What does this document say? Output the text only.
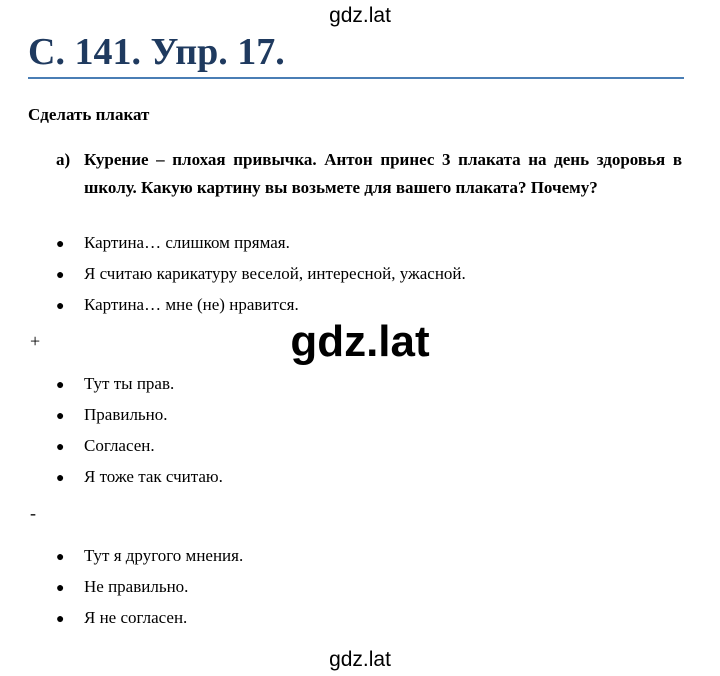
gdz.lat
С. 141. Упр. 17.
Сделать плакат
а) Курение – плохая привычка. Антон принес 3 плаката на день здоровья в школу. Какую картину вы возьмете для вашего плаката? Почему?
●	Картина… слишком прямая.
●	Я считаю карикатуру веселой, интересной, ужасной.
●	Картина… мне (не) нравится.
+	gdz.lat
●	Тут ты прав.
●	Правильно.
●	Согласен.
●	Я тоже так считаю.
-
●	Тут я другого мнения.
●	Не правильно.
●	Я не согласен.
gdz.lat
